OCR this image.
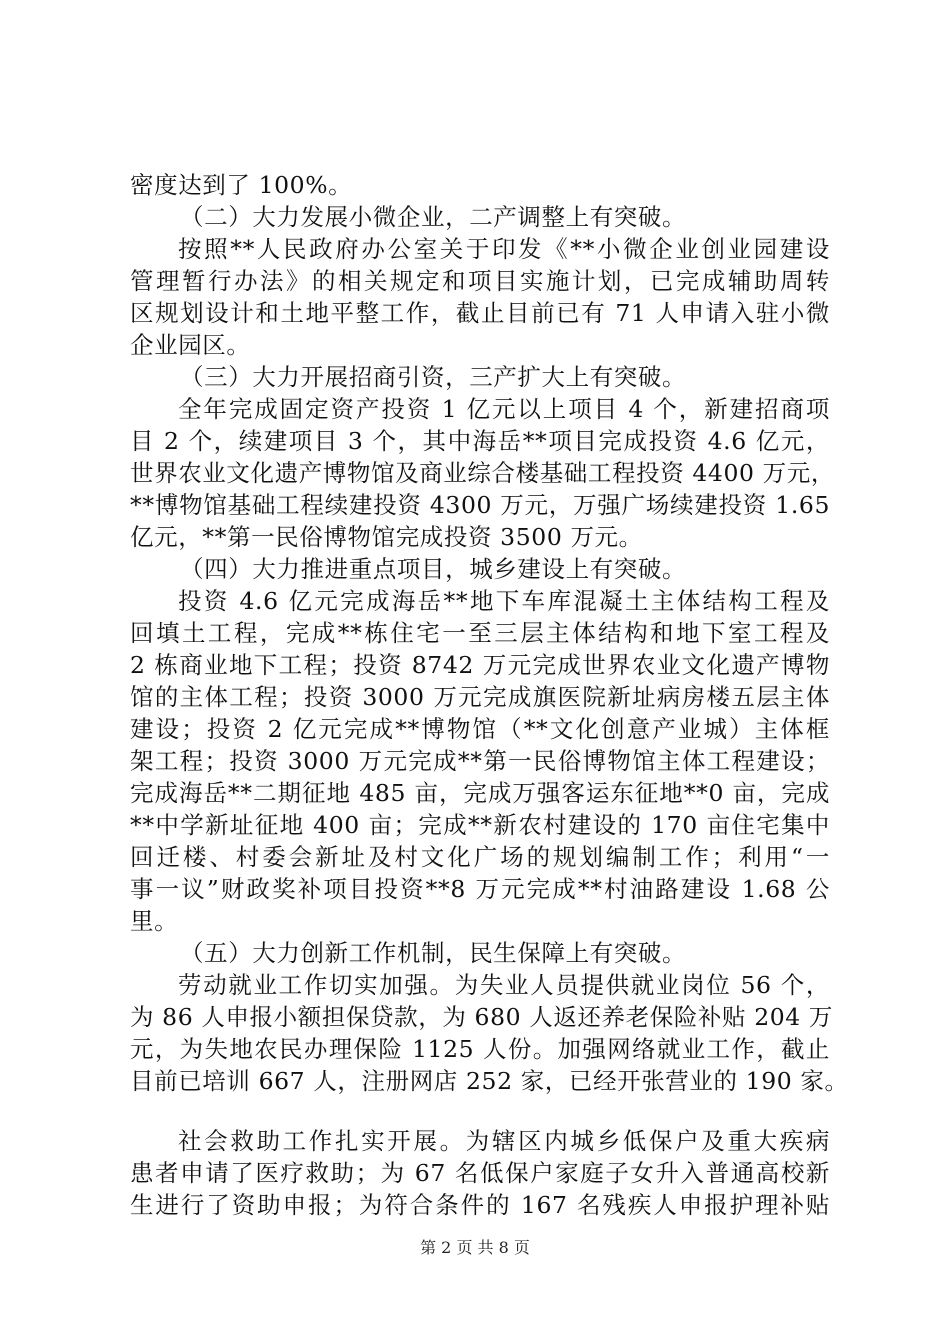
密度达到了 100%。
（二）大力发展小微企业，二产调整上有突破。
按照**人民政府办公室关于印发《**小微企业创业园建设
管理暂行办法》的相关规定和项目实施计划，已完成辅助周转
区规划设计和土地平整工作，截止目前已有 71 人申请入驻小微
企业园区。
（三）大力开展招商引资，三产扩大上有突破。
全年完成固定资产投资 1 亿元以上项目 4 个，新建招商项
目 2 个，续建项目 3 个，其中海岳**项目完成投资 4.6 亿元，
世界农业文化遗产博物馆及商业综合楼基础工程投资 4400 万元，
**博物馆基础工程续建投资 4300 万元，万强广场续建投资 1.65
亿元，**第一民俗博物馆完成投资 3500 万元。
（四）大力推进重点项目，城乡建设上有突破。
投资 4.6 亿元完成海岳**地下车库混凝土主体结构工程及
回填土工程，完成**栋住宅一至三层主体结构和地下室工程及
2 栋商业地下工程；投资 8742 万元完成世界农业文化遗产博物
馆的主体工程；投资 3000 万元完成旗医院新址病房楼五层主体
建设；投资 2 亿元完成**博物馆（**文化创意产业城）主体框
架工程；投资 3000 万元完成**第一民俗博物馆主体工程建设；
完成海岳**二期征地 485 亩，完成万强客运东征地**0 亩，完成
**中学新址征地 400 亩；完成**新农村建设的 170 亩住宅集中
回迁楼、村委会新址及村文化广场的规划编制工作；利用“一
事一议”财政奖补项目投资**8 万元完成**村油路建设 1.68 公
里。
（五）大力创新工作机制，民生保障上有突破。
劳动就业工作切实加强。为失业人员提供就业岗位 56 个，
为 86 人申报小额担保贷款，为 680 人返还养老保险补贴 204 万
元，为失地农民办理保险 1125 人份。加强网络就业工作，截止
目前已培训 667 人，注册网店 252 家，已经开张营业的 190 家。
社会救助工作扎实开展。为辖区内城乡低保户及重大疾病
患者申请了医疗救助；为 67 名低保户家庭子女升入普通高校新
生进行了资助申报；为符合条件的 167 名残疾人申报护理补贴
第 2 页 共 8 页
